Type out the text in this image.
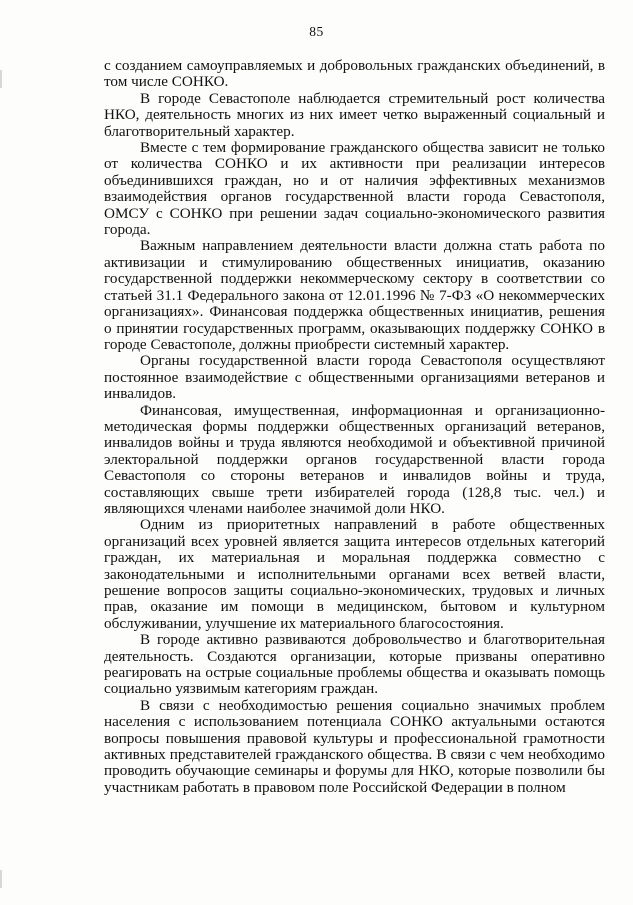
85

с созданием самоуправляемых и добровольных гражданских объединений, в том числе СОНКО.

В городе Севастополе наблюдается стремительный рост количества НКО, деятельность многих из них имеет четко выраженный социальный и благотворительный характер.

Вместе с тем формирование гражданского общества зависит не только от количества СОНКО и их активности при реализации интересов объединившихся граждан, но и от наличия эффективных механизмов взаимодействия органов государственной власти города Севастополя, ОМСУ с СОНКО при решении задач социально-экономического развития города.

Важным направлением деятельности власти должна стать работа по активизации и стимулированию общественных инициатив, оказанию государственной поддержки некоммерческому сектору в соответствии со статьей 31.1 Федерального закона от 12.01.1996 № 7-ФЗ «О некоммерческих организациях». Финансовая поддержка общественных инициатив, решения о принятии государственных программ, оказывающих поддержку СОНКО в городе Севастополе, должны приобрести системный характер.

Органы государственной власти города Севастополя осуществляют постоянное взаимодействие с общественными организациями ветеранов и инвалидов.

Финансовая, имущественная, информационная и организационно-методическая формы поддержки общественных организаций ветеранов, инвалидов войны и труда являются необходимой и объективной причиной электоральной поддержки органов государственной власти города Севастополя со стороны ветеранов и инвалидов войны и труда, составляющих свыше трети избирателей города (128,8 тыс. чел.) и являющихся членами наиболее значимой доли НКО.

Одним из приоритетных направлений в работе общественных организаций всех уровней является защита интересов отдельных категорий граждан, их материальная и моральная поддержка совместно с законодательными и исполнительными органами всех ветвей власти, решение вопросов защиты социально-экономических, трудовых и личных прав, оказание им помощи в медицинском, бытовом и культурном обслуживании, улучшение их материального благосостояния.

В городе активно развиваются добровольчество и благотворительная деятельность. Создаются организации, которые призваны оперативно реагировать на острые социальные проблемы общества и оказывать помощь социально уязвимым категориям граждан.

В связи с необходимостью решения социально значимых проблем населения с использованием потенциала СОНКО актуальными остаются вопросы повышения правовой культуры и профессиональной грамотности активных представителей гражданского общества. В связи с чем необходимо проводить обучающие семинары и форумы для НКО, которые позволили бы участникам работать в правовом поле Российской Федерации в полном
